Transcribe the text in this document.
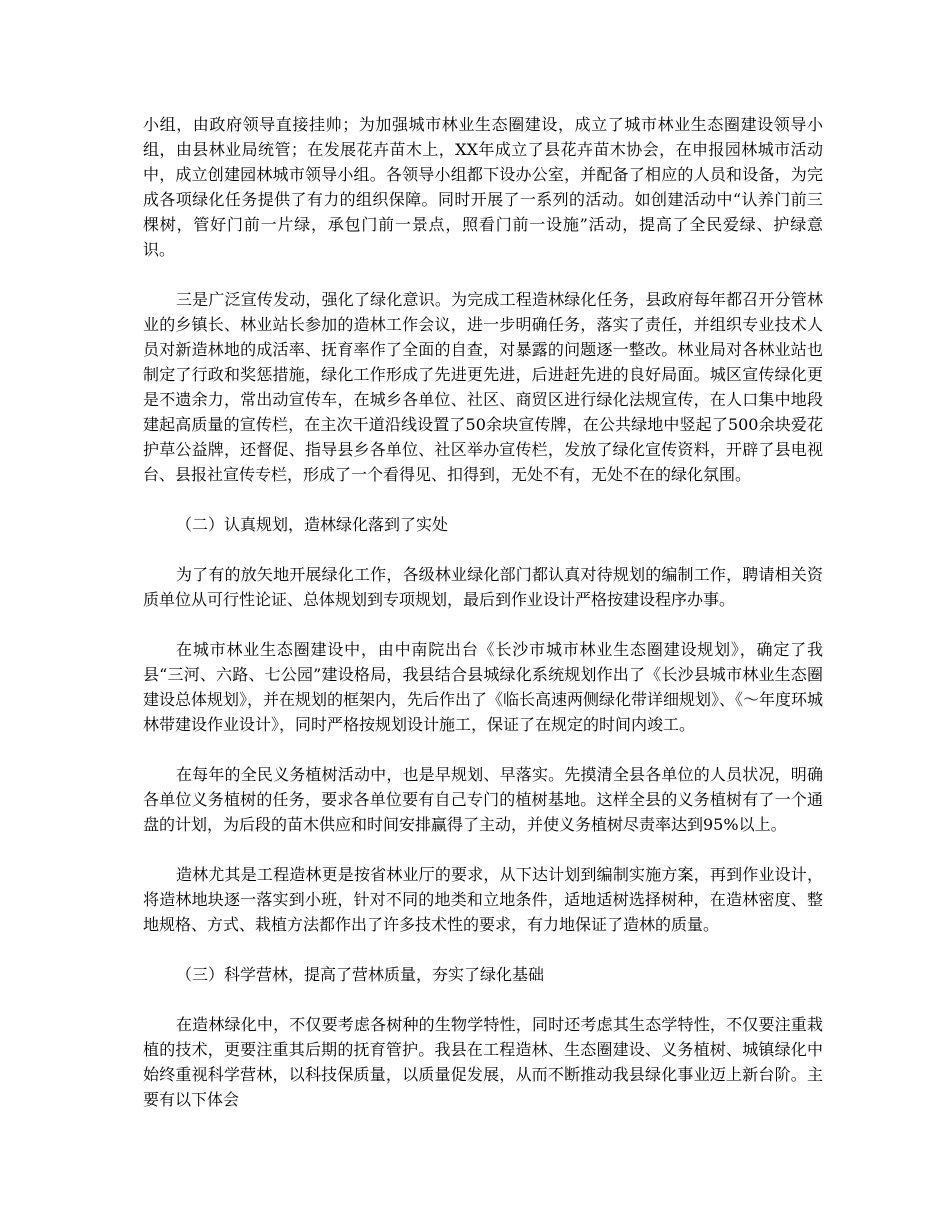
小组，由政府领导直接挂帅；为加强城市林业生态圈建设，成立了城市林业生态圈建设领导小组，由县林业局统管；在发展花卉苗木上，XX年成立了县花卉苗木协会，在申报园林城市活动中，成立创建园林城市领导小组。各领导小组都下设办公室，并配备了相应的人员和设备，为完成各项绿化任务提供了有力的组织保障。同时开展了一系列的活动。如创建活动中“认养门前三棵树，管好门前一片绿，承包门前一景点，照看门前一设施”活动，提高了全民爱绿、护绿意识。

三是广泛宣传发动，强化了绿化意识。为完成工程造林绿化任务，县政府每年都召开分管林业的乡镇长、林业站长参加的造林工作会议，进一步明确任务，落实了责任，并组织专业技术人员对新造林地的成活率、抚育率作了全面的自查，对暴露的问题逐一整改。林业局对各林业站也制定了行政和奖惩措施，绿化工作形成了先进更先进，后进赶先进的良好局面。城区宣传绿化更是不遗余力，常出动宣传车，在城乡各单位、社区、商贸区进行绿化法规宣传，在人口集中地段建起高质量的宣传栏，在主次干道沿线设置了50余块宣传牌，在公共绿地中竖起了500余块爱花护草公益牌，还督促、指导县乡各单位、社区举办宣传栏，发放了绿化宣传资料，开辟了县电视台、县报社宣传专栏，形成了一个看得见、扣得到，无处不有，无处不在的绿化氛围。

（二）认真规划，造林绿化落到了实处

为了有的放矢地开展绿化工作，各级林业绿化部门都认真对待规划的编制工作，聘请相关资质单位从可行性论证、总体规划到专项规划，最后到作业设计严格按建设程序办事。

在城市林业生态圈建设中，由中南院出台《长沙市城市林业生态圈建设规划》，确定了我县“三河、六路、七公园”建设格局，我县结合县城绿化系统规划作出了《长沙县城市林业生态圈建设总体规划》，并在规划的框架内，先后作出了《临长高速两侧绿化带详细规划》、《～年度环城林带建设作业设计》，同时严格按规划设计施工，保证了在规定的时间内竣工。

在每年的全民义务植树活动中，也是早规划、早落实。先摸清全县各单位的人员状况，明确各单位义务植树的任务，要求各单位要有自己专门的植树基地。这样全县的义务植树有了一个通盘的计划，为后段的苗木供应和时间安排赢得了主动，并使义务植树尽责率达到95%以上。

造林尤其是工程造林更是按省林业厅的要求，从下达计划到编制实施方案，再到作业设计，将造林地块逐一落实到小班，针对不同的地类和立地条件，适地适树选择树种，在造林密度、整地规格、方式、栽植方法都作出了许多技术性的要求，有力地保证了造林的质量。

（三）科学营林，提高了营林质量，夯实了绿化基础

在造林绿化中，不仅要考虑各树种的生物学特性，同时还考虑其生态学特性，不仅要注重栽植的技术，更要注重其后期的抚育管护。我县在工程造林、生态圈建设、义务植树、城镇绿化中始终重视科学营林，以科技保质量，以质量促发展，从而不断推动我县绿化事业迈上新台阶。主要有以下体会
